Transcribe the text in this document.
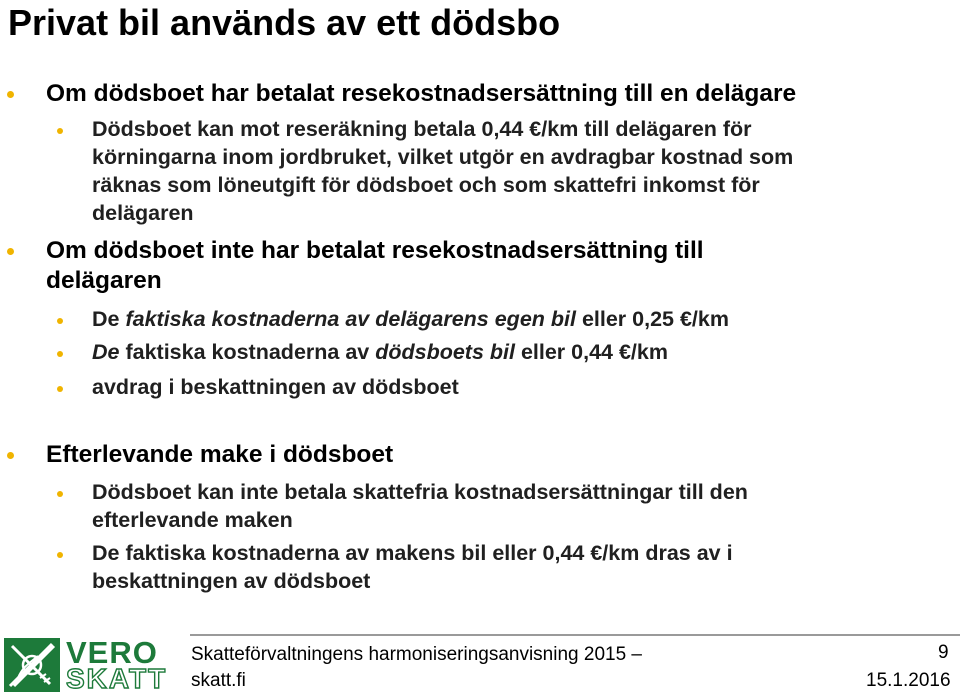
Privat bil används av ett dödsbo
Om dödsboet har betalat resekostnadsersättning till en delägare
Dödsboet kan mot reseräkning betala 0,44 €/km till delägaren för
körningarna inom jordbruket, vilket utgör en avdragbar kostnad som
räknas som löneutgift för dödsboet och som skattefri inkomst för
delägaren
Om dödsboet inte har betalat resekostnadsersättning till
delägaren
De faktiska kostnaderna av delägarens egen bil eller 0,25 €/km
De faktiska kostnaderna av dödsboets bil eller 0,44 €/km
avdrag i beskattningen av dödsboet
Efterlevande make i dödsboet
Dödsboet kan inte betala skattefria kostnadsersättningar till den
efterlevande maken
De faktiska kostnaderna av makens bil eller 0,44 €/km dras av i
beskattningen av dödsboet
VERO
SKATT
Skatteförvaltningens harmoniseringsanvisning 2015 –
skatt.fi
9
15.1.2016
